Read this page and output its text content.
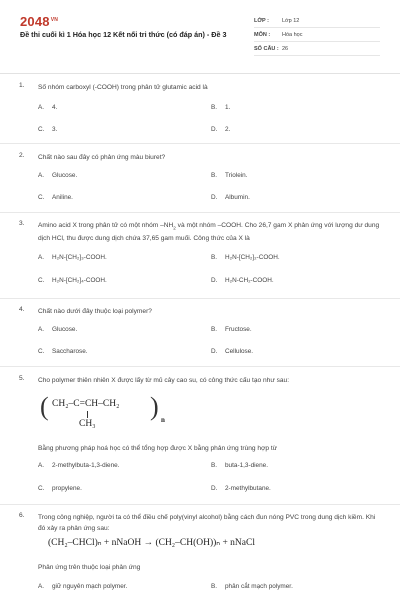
$2048^{VN}$
Đề thi cuối kì 1 Hóa học 12 Kết nối tri thức (có đáp án) - Đề 3
LỚP :	Lớp 12
MÔN :	Hóa học
SỐ CÂU : 26
1. Số nhóm carboxyl (-COOH) trong phân tử glutamic acid là
A. 4.	B. 1.
C. 3.	D. 2.
2. Chất nào sau đây có phản ứng màu biuret?
A. Glucose.	B. Triolein.
C. Aniline.	D. Albumin.
3. Amino acid X trong phân tử có một nhóm $-NH_2$ và một nhóm –COOH. Cho 26,7 gam X phản ứng với lượng dư dung dịch HCl, thu được dung dịch chứa 37,65 gam muối. Công thức của X là
A. H₂N-[CH₂]₃-COOH.	B. H₂N-[CH₂]₂-COOH.
C. H₂N-[CH₂]₄-COOH.	D. H₂N-CH₂-COOH.
4. Chất nào dưới đây thuộc loại polymer?
A. Glucose.	B. Fructose.
C. Saccharose.	D. Cellulose.
5. Cho polymer thiên nhiên X được lấy từ mủ cây cao su, có công thức cấu tạo như sau:
( CH₂–C=CH–CH₂
CH₃
) n
Bằng phương pháp hoá học có thể tổng hợp được X bằng phản ứng trùng hợp từ
A. 2-methylbuta-1,3-diene.	B. buta-1,3-diene.
C. propylene.	D. 2-methylbutane.
6. Trong công nghiệp, người ta có thể điều chế poly(vinyl alcohol) bằng cách đun nóng PVC trong dung dịch kiềm. Khi đó xảy ra phản ứng sau:
(CH₂–CHCl)ₙ + nNaOH → (CH₂–CH(OH))ₙ + nNaCl
Phản ứng trên thuộc loại phản ứng
A. giữ nguyên mạch polymer.	B. phân cắt mạch polymer.
